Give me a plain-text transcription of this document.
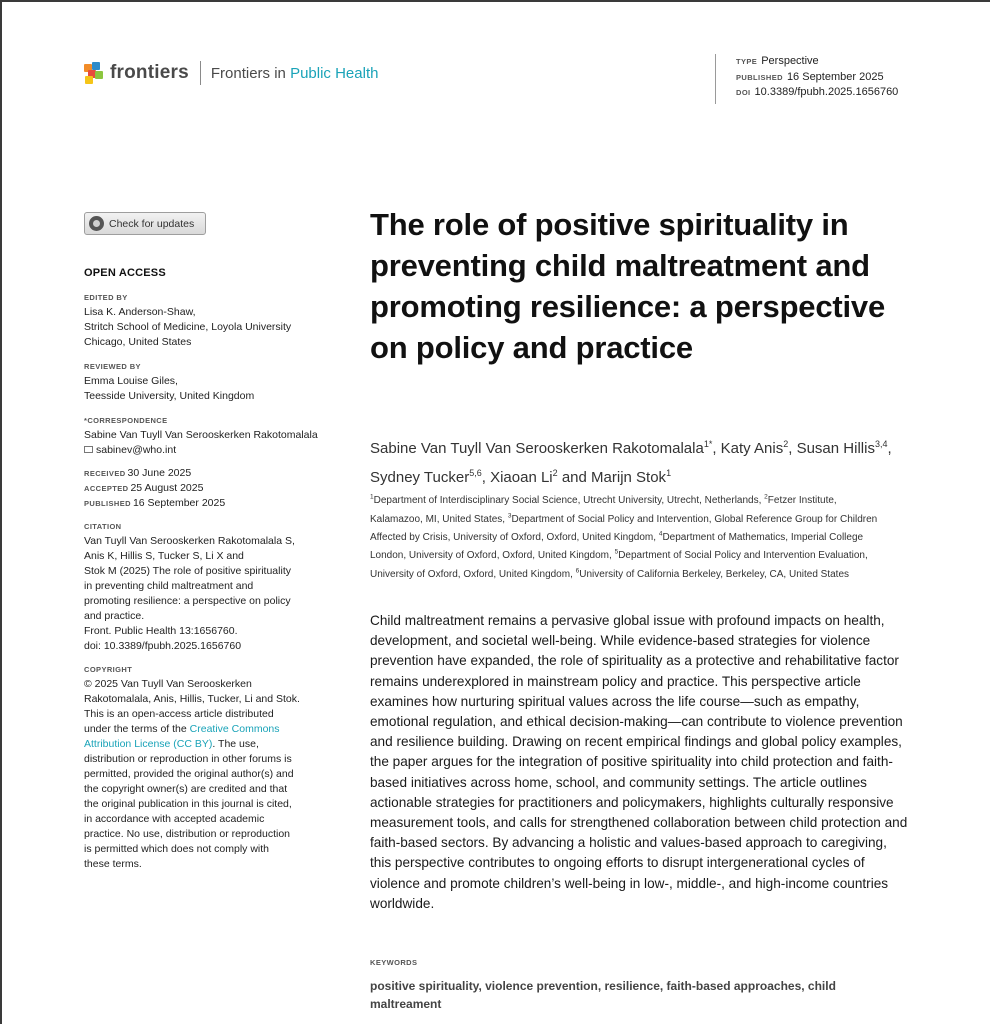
frontiers Frontiers in Public Health
TYPE Perspective
PUBLISHED 16 September 2025
DOI 10.3389/fpubh.2025.1656760
Check for updates
OPEN ACCESS
EDITED BY
Lisa K. Anderson-Shaw,
Stritch School of Medicine, Loyola University
Chicago, United States
REVIEWED BY
Emma Louise Giles,
Teesside University, United Kingdom
*CORRESPONDENCE
Sabine Van Tuyll Van Serooskerken Rakotomalala
sabinev@who.int
RECEIVED 30 June 2025
ACCEPTED 25 August 2025
PUBLISHED 16 September 2025
CITATION
Van Tuyll Van Serooskerken Rakotomalala S,
Anis K, Hillis S, Tucker S, Li X and
Stok M (2025) The role of positive spirituality
in preventing child maltreatment and
promoting resilience: a perspective on policy
and practice.
Front. Public Health 13:1656760.
doi: 10.3389/fpubh.2025.1656760
COPYRIGHT
© 2025 Van Tuyll Van Serooskerken
Rakotomalala, Anis, Hillis, Tucker, Li and Stok.
This is an open-access article distributed
under the terms of the Creative Commons
Attribution License (CC BY). The use,
distribution or reproduction in other forums is
permitted, provided the original author(s) and
the copyright owner(s) are credited and that
the original publication in this journal is cited,
in accordance with accepted academic
practice. No use, distribution or reproduction
is permitted which does not comply with
these terms.
The role of positive spirituality in preventing child maltreatment and promoting resilience: a perspective on policy and practice
Sabine Van Tuyll Van Serooskerken Rakotomalala$^{1*}$, Katy Anis$^2$, Susan Hillis$^{3,4}$, Sydney Tucker$^{5,6}$, Xiaoan Li$^2$ and Marijn Stok$^1$
$^1$Department of Interdisciplinary Social Science, Utrecht University, Utrecht, Netherlands, $^2$Fetzer Institute, Kalamazoo, MI, United States, $^3$Department of Social Policy and Intervention, Global Reference Group for Children Affected by Crisis, University of Oxford, Oxford, United Kingdom, $^4$Department of Mathematics, Imperial College London, University of Oxford, Oxford, United Kingdom, $^5$Department of Social Policy and Intervention Evaluation, University of Oxford, Oxford, United Kingdom, $^6$University of California Berkeley, Berkeley, CA, United States

Child maltreatment remains a pervasive global issue with profound impacts on health, development, and societal well-being. While evidence-based strategies for violence prevention have expanded, the role of spirituality as a protective and rehabilitative factor remains underexplored in mainstream policy and practice. This perspective article examines how nurturing spiritual values across the life course—such as empathy, emotional regulation, and ethical decision-making—can contribute to violence prevention and resilience building. Drawing on recent empirical findings and global policy examples, the paper argues for the integration of positive spirituality into child protection and faith-based initiatives across home, school, and community settings. The article outlines actionable strategies for practitioners and policymakers, highlights culturally responsive measurement tools, and calls for strengthened collaboration between child protection and faith-based sectors. By advancing a holistic and values-based approach to caregiving, this perspective contributes to ongoing efforts to disrupt intergenerational cycles of violence and promote children’s well-being in low-, middle-, and high-income countries worldwide.

KEYWORDS
positive spirituality, violence prevention, resilience, faith-based approaches, child maltreament
